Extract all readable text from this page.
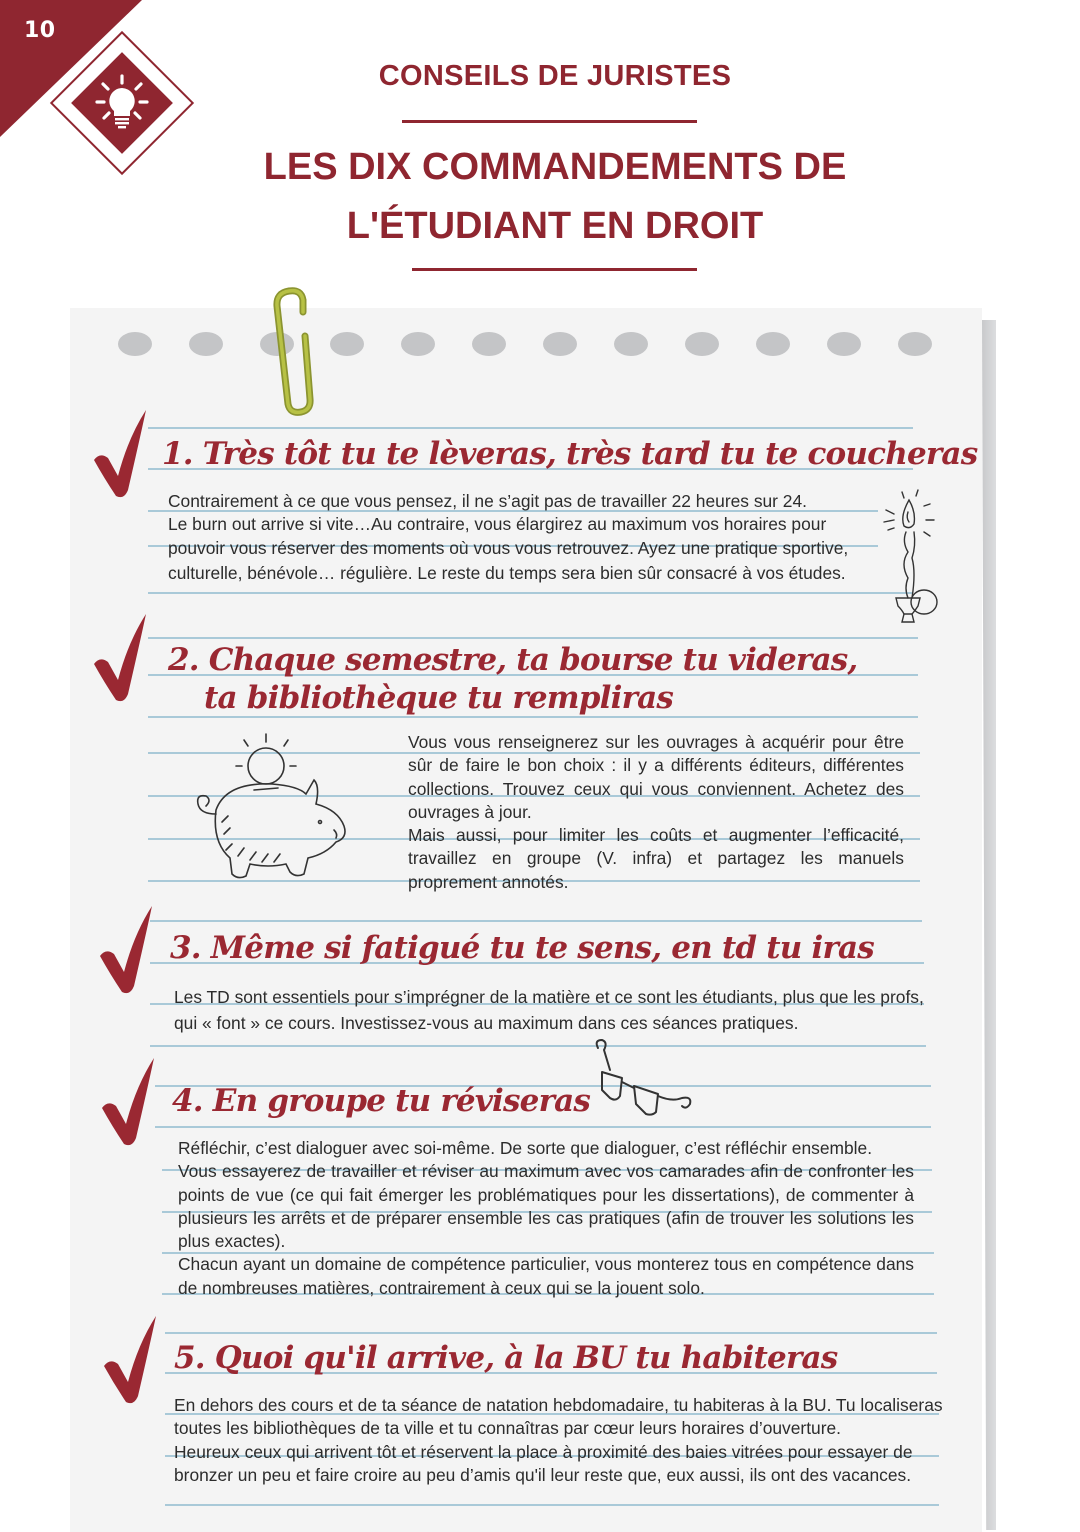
10
CONSEILS DE JURISTES
LES DIX COMMANDEMENTS DE
L'ÉTUDIANT EN DROIT
1. Très tôt tu te lèveras, très tard tu te coucheras
Contrairement à ce que vous pensez, il ne s’agit pas de travailler 22 heures sur 24.
Le burn out arrive si vite…Au contraire, vous élargirez au maximum vos horaires pour
pouvoir vous réserver des moments où vous vous retrouvez. Ayez une pratique sportive,
culturelle, bénévole… régulière. Le reste du temps sera bien sûr consacré à vos études.
2. Chaque semestre, ta bourse tu videras,
ta bibliothèque tu rempliras
Vous vous renseignerez sur les ouvrages à acquérir pour être sûr de faire le bon choix : il y a différents éditeurs, différentes collections. Trouvez ceux qui vous conviennent. Achetez des ouvrages à jour.
Mais aussi, pour limiter les coûts et augmenter l’efficacité, travaillez en groupe (V. infra) et partagez les manuels proprement annotés.
3. Même si fatigué tu te sens, en td tu iras
Les TD sont essentiels pour s’imprégner de la matière et ce sont les étudiants, plus que les profs,
qui « font » ce cours. Investissez-vous au maximum dans ces séances pratiques.
4. En groupe tu réviseras
Réfléchir, c’est dialoguer avec soi-même. De sorte que dialoguer, c’est réfléchir ensemble.
Vous essayerez de travailler et réviser au maximum avec vos camarades afin de confronter les points de vue (ce qui fait émerger les problématiques pour les dissertations), de commenter à plusieurs les arrêts et de préparer ensemble les cas pratiques (afin de trouver les solutions les plus exactes).
Chacun ayant un domaine de compétence particulier, vous monterez tous en compétence dans de nombreuses matières, contrairement à ceux qui se la jouent solo.
5. Quoi qu'il arrive, à la BU tu habiteras
En dehors des cours et de ta séance de natation hebdomadaire, tu habiteras à la BU. Tu localiseras
toutes les bibliothèques de ta ville et tu connaîtras par cœur leurs horaires d’ouverture.
Heureux ceux qui arrivent tôt et réservent la place à proximité des baies vitrées pour essayer de
bronzer un peu et faire croire au peu d’amis qu'il leur reste que, eux aussi, ils ont des vacances.
